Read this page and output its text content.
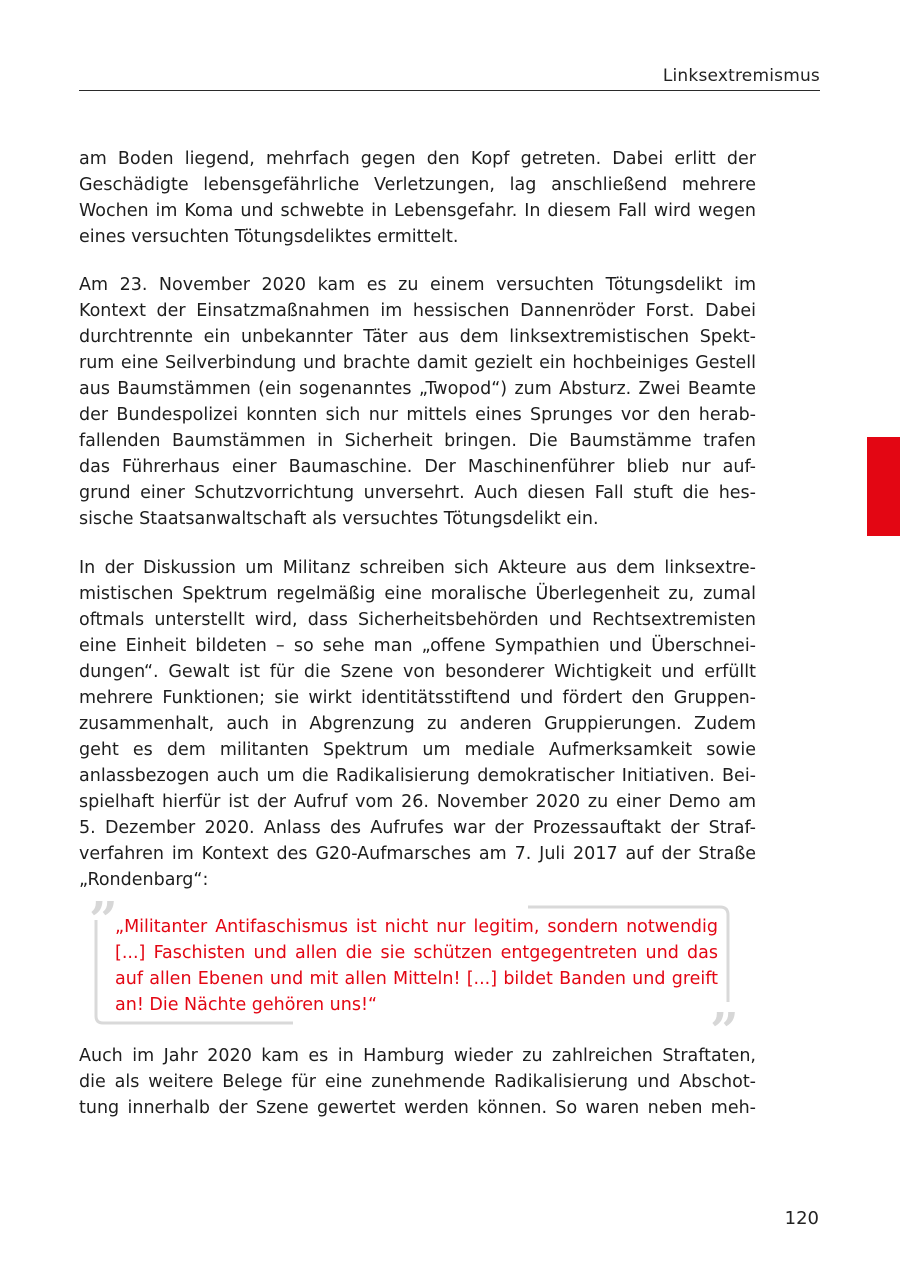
Linksextremismus
am Boden liegend, mehrfach gegen den Kopf getreten. Dabei erlitt der
Geschädigte lebensgefährliche Verletzungen, lag anschließend mehrere
Wochen im Koma und schwebte in Lebensgefahr. In diesem Fall wird wegen
eines versuchten Tötungsdeliktes ermittelt.
Am 23. November 2020 kam es zu einem versuchten Tötungsdelikt im
Kontext der Einsatzmaßnahmen im hessischen Dannenröder Forst. Dabei
durchtrennte ein unbekannter Täter aus dem linksextremistischen Spekt-
rum eine Seilverbindung und brachte damit gezielt ein hochbeiniges Gestell
aus Baumstämmen (ein sogenanntes „Twopod“) zum Absturz. Zwei Beamte
der Bundespolizei konnten sich nur mittels eines Sprunges vor den herab-
fallenden Baumstämmen in Sicherheit bringen. Die Baumstämme trafen
das Führerhaus einer Baumaschine. Der Maschinenführer blieb nur auf-
grund einer Schutzvorrichtung unversehrt. Auch diesen Fall stuft die hes-
sische Staatsanwaltschaft als versuchtes Tötungsdelikt ein.
In der Diskussion um Militanz schreiben sich Akteure aus dem linksextre-
mistischen Spektrum regelmäßig eine moralische Überlegenheit zu, zumal
oftmals unterstellt wird, dass Sicherheitsbehörden und Rechtsextremisten
eine Einheit bildeten – so sehe man „offene Sympathien und Überschnei-
dungen“. Gewalt ist für die Szene von besonderer Wichtigkeit und erfüllt
mehrere Funktionen; sie wirkt identitätsstiftend und fördert den Gruppen-
zusammenhalt, auch in Abgrenzung zu anderen Gruppierungen. Zudem
geht es dem militanten Spektrum um mediale Aufmerksamkeit sowie
anlassbezogen auch um die Radikalisierung demokratischer Initiativen. Bei-
spielhaft hierfür ist der Aufruf vom 26. November 2020 zu einer Demo am
5. Dezember 2020. Anlass des Aufrufes war der Prozessauftakt der Straf-
verfahren im Kontext des G20-Aufmarsches am 7. Juli 2017 auf der Straße
„Rondenbarg“:
”
„Militanter Antifaschismus ist nicht nur legitim, sondern notwendig
[...] Faschisten und allen die sie schützen entgegentreten und das
auf allen Ebenen und mit allen Mitteln! [...] bildet Banden und greift
an! Die Nächte gehören uns!“	”
Auch im Jahr 2020 kam es in Hamburg wieder zu zahlreichen Straftaten,
die als weitere Belege für eine zunehmende Radikalisierung und Abschot-
tung innerhalb der Szene gewertet werden können. So waren neben meh-
120
